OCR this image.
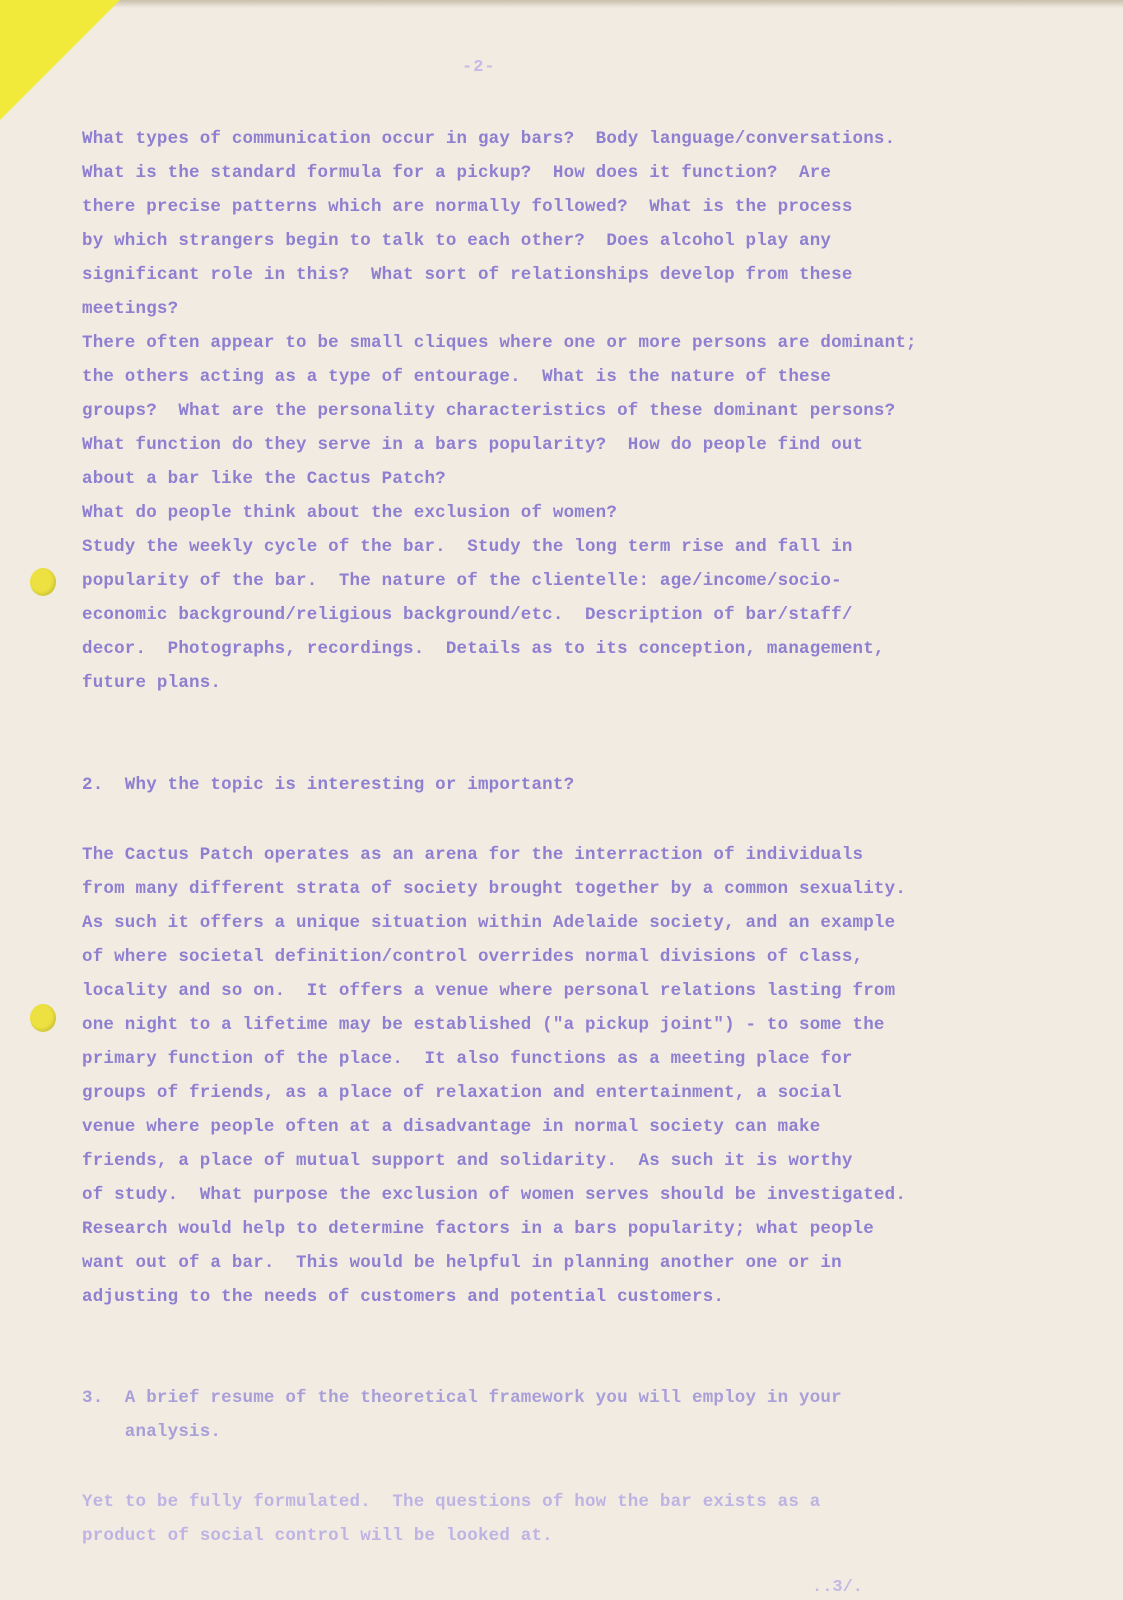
-2-
What types of communication occur in gay bars?  Body language/conversations.
What is the standard formula for a pickup?  How does it function?  Are
there precise patterns which are normally followed?  What is the process
by which strangers begin to talk to each other?  Does alcohol play any
significant role in this?  What sort of relationships develop from these
meetings?
There often appear to be small cliques where one or more persons are dominant;
the others acting as a type of entourage.  What is the nature of these
groups?  What are the personality characteristics of these dominant persons?
What function do they serve in a bars popularity?  How do people find out
about a bar like the Cactus Patch?
What do people think about the exclusion of women?
Study the weekly cycle of the bar.  Study the long term rise and fall in
popularity of the bar.  The nature of the clientelle: age/income/socio-
economic background/religious background/etc.  Description of bar/staff/
decor.  Photographs, recordings.  Details as to its conception, management,
future plans.
2.  Why the topic is interesting or important?
The Cactus Patch operates as an arena for the interraction of individuals
from many different strata of society brought together by a common sexuality.
As such it offers a unique situation within Adelaide society, and an example
of where societal definition/control overrides normal divisions of class,
locality and so on.  It offers a venue where personal relations lasting from
one night to a lifetime may be established ("a pickup joint") - to some the
primary function of the place.  It also functions as a meeting place for
groups of friends, as a place of relaxation and entertainment, a social
venue where people often at a disadvantage in normal society can make
friends, a place of mutual support and solidarity.  As such it is worthy
of study.  What purpose the exclusion of women serves should be investigated.
Research would help to determine factors in a bars popularity; what people
want out of a bar.  This would be helpful in planning another one or in
adjusting to the needs of customers and potential customers.
3.  A brief resume of the theoretical framework you will employ in your
analysis.
Yet to be fully formulated.  The questions of how the bar exists as a
product of social control will be looked at.
..3/.
